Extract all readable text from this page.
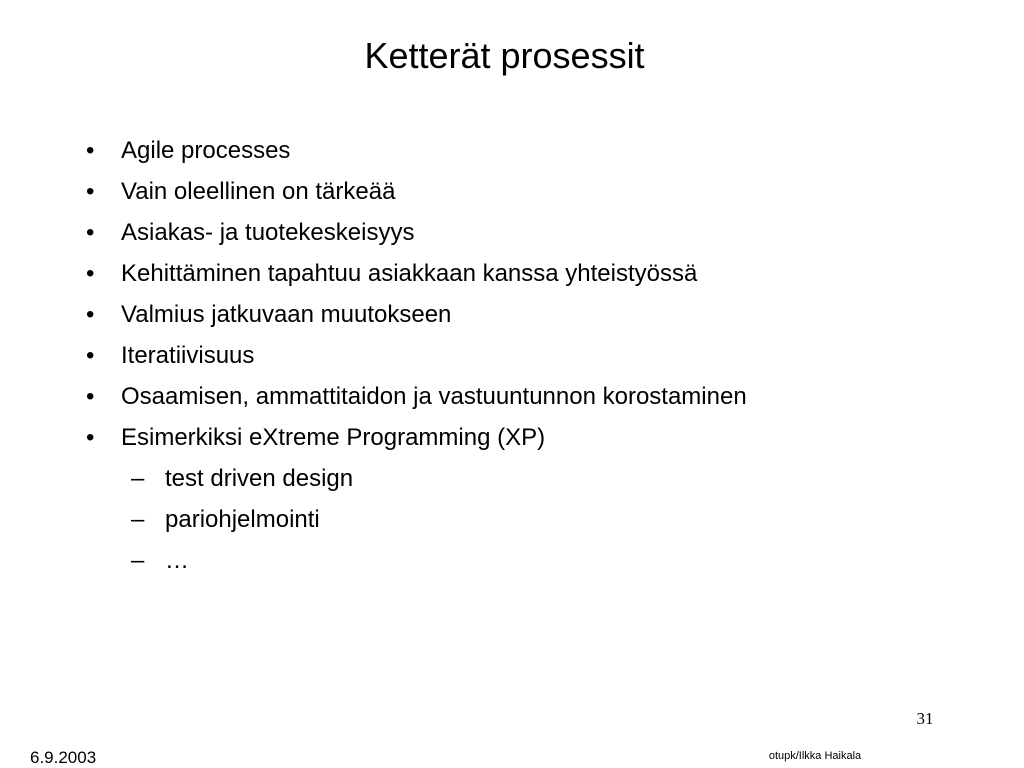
Ketterät prosessit
•	Agile processes
•	Vain oleellinen on tärkeää
•	Asiakas- ja tuotekeskeisyys
•	Kehittäminen tapahtuu asiakkaan kanssa yhteistyössä
•	Valmius jatkuvaan muutokseen
•	Iteratiivisuus
•	Osaamisen, ammattitaidon ja vastuuntunnon korostaminen
•	Esimerkiksi eXtreme Programming (XP)
– test driven design
– pariohjelmointi
– …
31
6.9.2003	otupk/Ilkka Haikala
